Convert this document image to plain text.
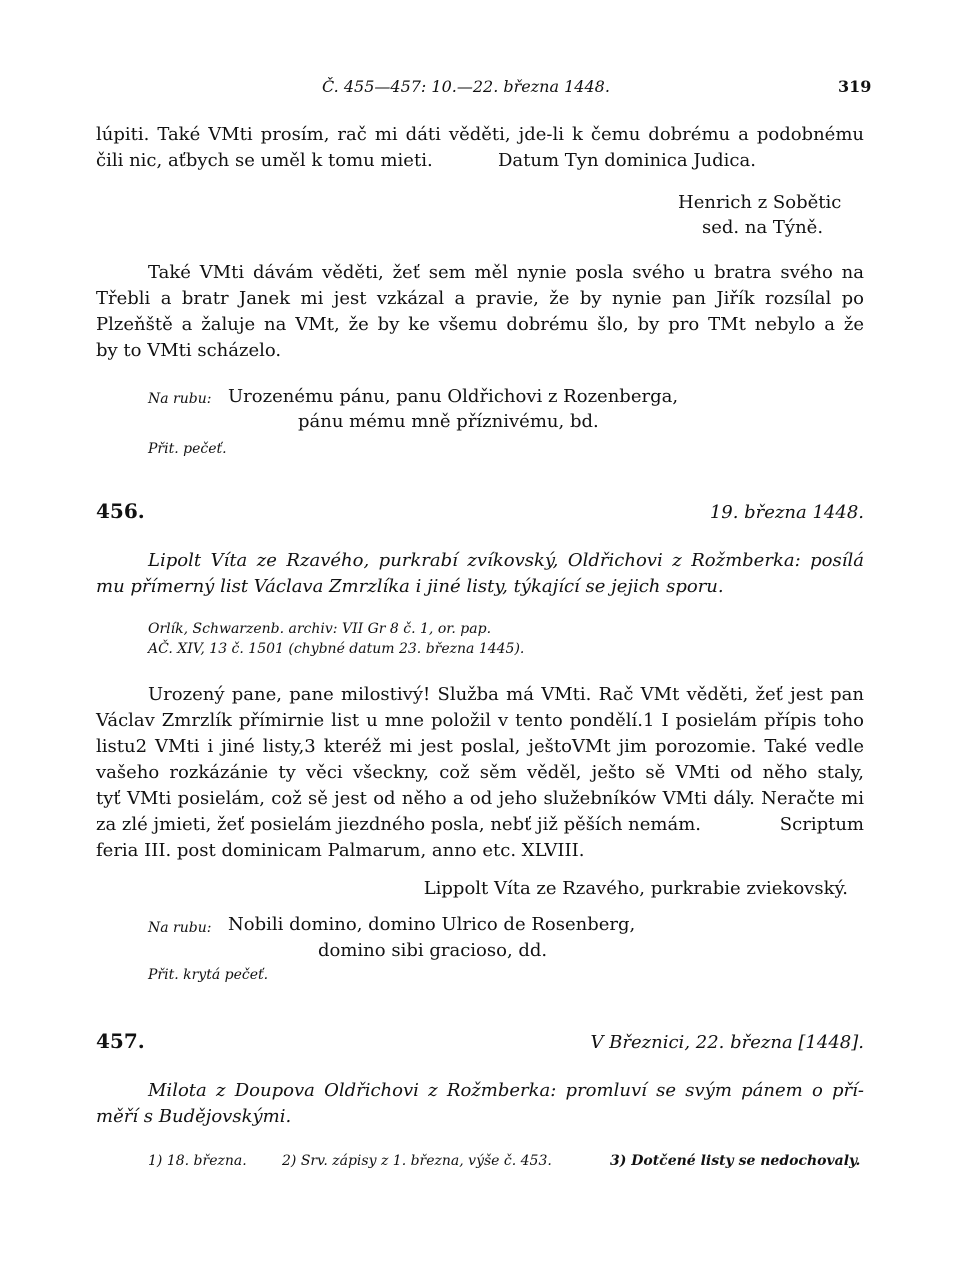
Č. 455—457: 10.—22. března 1448.	319
lúpiti. Také VMti prosím, rač mi dáti věděti, jde-li k čemu dobrému a podobnému
čili nic, aťbych se uměl k tomu mieti.	Datum Tyn dominica Judica.
Henrich z Sobětic
sed. na Týně.
Také VMti dávám věděti, žeť sem měl nynie posla svého u bratra svého na
Třebli a bratr Janek mi jest vzkázal a pravie, že by nynie pan Jiřík rozsílal po
Plzeňště a žaluje na VMt, že by ke všemu dobrému šlo, by pro TMt nebylo a že
by to VMti scházelo.
Na rubu: Urozenému pánu, panu Oldřichovi z Rozenberga,
pánu mému mně příznivému, bd.
Přit. pečeť.
456.	19. března 1448.
Lipolt Víta ze Rzavého, purkrabí zvíkovský, Oldřichovi z Rožmberka: posílá
mu přímerný list Václava Zmrzlíka i jiné listy, týkající se jejich sporu.
Orlík, Schwarzenb. archiv: VII Gr 8 č. 1, or. pap.
AČ. XIV, 13 č. 1501 (chybné datum 23. března 1445).
Urozený pane, pane milostivý! Služba má VMti. Rač VMt věděti, žeť jest pan
Václav Zmrzlík přímirnie list u mne položil v tento pondělí.1 I posielám přípis toho
listu2 VMti i jiné listy,3 kteréž mi jest poslal, ještoVMt jim porozomie. Také vedle
vašeho rozkázánie ty věci všeckny, což sěm věděl, ješto sě VMti od něho staly,
tyť VMti posielám, což sě jest od něho a od jeho služebníków VMti dály. Neračte mi
za zlé jmieti, žeť posielám jiezdného posla, nebť již pěších nemám.	Scriptum
feria III. post dominicam Palmarum, anno etc. XLVIII.
Lippolt Víta ze Rzavého, purkrabie zviekovský.
Na rubu: Nobili domino, domino Ulrico de Rosenberg,
domino sibi gracioso, dd.
Přit. krytá pečeť.
457.	V Březnici, 22. března [1448].
Milota z Doupova Oldřichovi z Rožmberka: promluví se svým pánem o pří-
měří s Budějovskými.
1) 18. března.	2) Srv. zápisy z 1. března, výše č. 453.	3) Dotčené listy se nedochovaly.
